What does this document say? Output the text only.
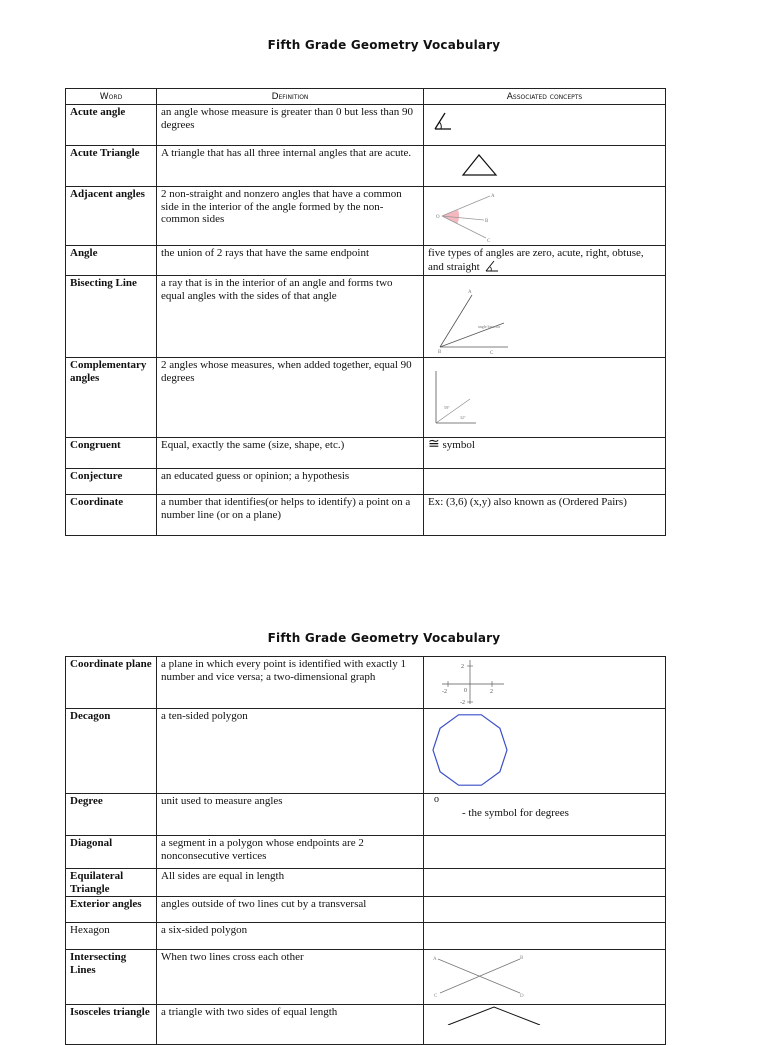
Fifth Grade Geometry Vocabulary
Word	Definition	Associated concepts
Acute angle	an angle whose measure is greater than 0 but less than 90 degrees	

Acute Triangle	A triangle that has all three internal angles that are acute.	

Adjacent angles	2 non-straight and nonzero angles that have a common side in the interior of the angle formed by the non-common sides	A
B
C
O

Angle	the union of 2 rays that have the same endpoint	five types of angles are zero, acute, right, obtuse, and straight
Bisecting Line	a ray that is in the interior of an angle and forms two equal angles with the sides of that angle	A
angle bisector
B C

Complementary angles	2 angles whose measures, when added together, equal 90 degrees	58°
32°

Congruent	Equal, exactly the same (size, shape, etc.)	≅ symbol
Conjecture	an educated guess or opinion; a hypothesis	
Coordinate	a number that identifies(or helps to identify) a point on a number line (or on a plane)	Ex: (3,6) (x,y) also known as (Ordered Pairs)
Fifth Grade Geometry Vocabulary
Coordinate plane	a plane in which every point is identified with exactly 1 number and vice versa; a two-dimensional graph	2
-2 0 2
-2

Decagon	a ten-sided polygon	

Degree	unit used to measure angles	o
- the symbol for degrees

Diagonal	a segment in a polygon whose endpoints are 2 nonconsecutive vertices	
Equilateral Triangle	All sides are equal in length	
Exterior angles	angles outside of two lines cut by a transversal	
Hexagon	a six-sided polygon	
Intersecting Lines	When two lines cross each other	A B
C D

Isosceles triangle	a triangle with two sides of equal length	
